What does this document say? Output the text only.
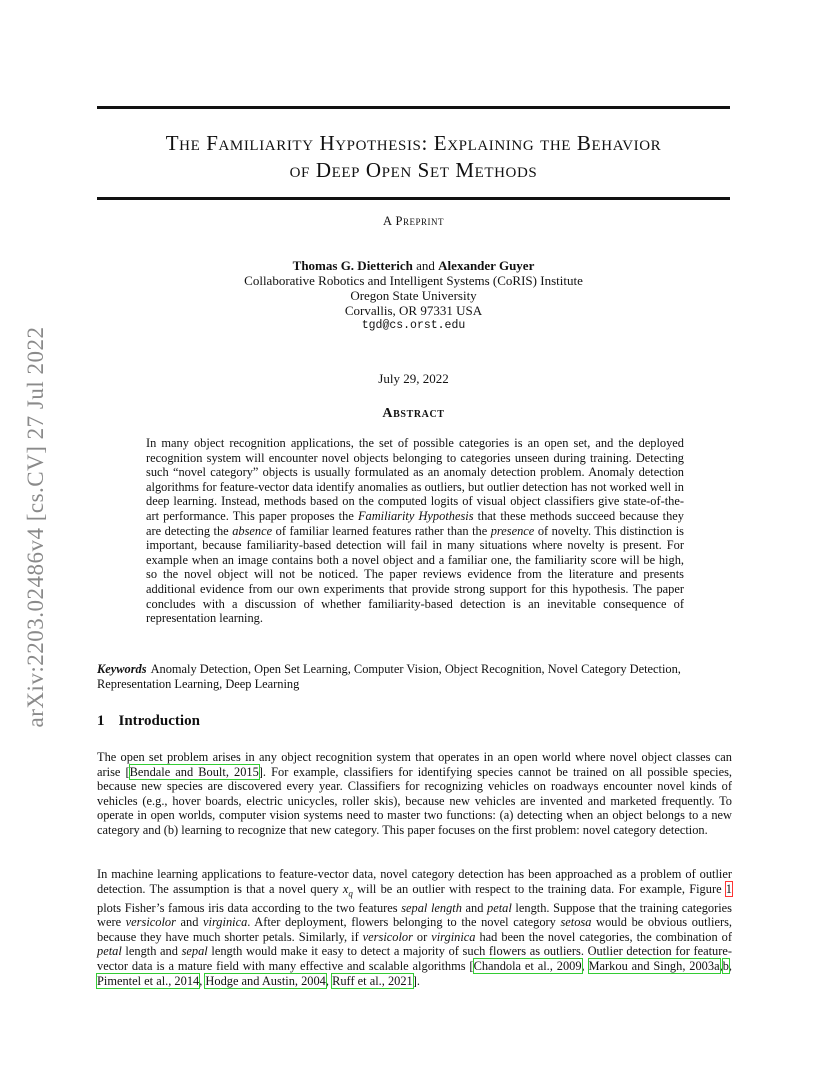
arXiv:2203.02486v4 [cs.CV] 27 Jul 2022
The Familiarity Hypothesis: Explaining the Behavior
of Deep Open Set Methods
A Preprint
Thomas G. Dietterich and Alexander Guyer
Collaborative Robotics and Intelligent Systems (CoRIS) Institute
Oregon State University
Corvallis, OR 97331 USA
tgd@cs.orst.edu
July 29, 2022
Abstract
In many object recognition applications, the set of possible categories is an open set, and the deployed recognition system will encounter novel objects belonging to categories unseen during training. Detecting such “novel category” objects is usually formulated as an anomaly detection problem. Anomaly detection algorithms for feature-vector data identify anomalies as outliers, but outlier detection has not worked well in deep learning. Instead, methods based on the computed logits of visual object classifiers give state-of-the-art performance. This paper proposes the Familiarity Hypothesis that these methods succeed because they are detecting the absence of familiar learned features rather than the presence of novelty. This distinction is important, because familiarity-based detection will fail in many situations where novelty is present. For example when an image contains both a novel object and a familiar one, the familiarity score will be high, so the novel object will not be noticed. The paper reviews evidence from the literature and presents additional evidence from our own experiments that provide strong support for this hypothesis. The paper concludes with a discussion of whether familiarity-based detection is an inevitable consequence of representation learning.
Keywords Anomaly Detection, Open Set Learning, Computer Vision, Object Recognition, Novel Category Detection, Representation Learning, Deep Learning
1 Introduction
The open set problem arises in any object recognition system that operates in an open world where novel object classes can arise [Bendale and Boult, 2015]. For example, classifiers for identifying species cannot be trained on all possible species, because new species are discovered every year. Classifiers for recognizing vehicles on roadways encounter novel kinds of vehicles (e.g., hover boards, electric unicycles, roller skis), because new vehicles are invented and marketed frequently. To operate in open worlds, computer vision systems need to master two functions: (a) detecting when an object belongs to a new category and (b) learning to recognize that new category. This paper focuses on the first problem: novel category detection.
In machine learning applications to feature-vector data, novel category detection has been approached as a problem of outlier detection. The assumption is that a novel query $x_q$ will be an outlier with respect to the training data. For example, Figure 1 plots Fisher’s famous iris data according to the two features sepal length and petal length. Suppose that the training categories were versicolor and virginica. After deployment, flowers belonging to the novel category setosa would be obvious outliers, because they have much shorter petals. Similarly, if versicolor or virginica had been the novel categories, the combination of petal length and sepal length would make it easy to detect a majority of such flowers as outliers. Outlier detection for feature-vector data is a mature field with many effective and scalable algorithms [Chandola et al., 2009, Markou and Singh, 2003a,b, Pimentel et al., 2014, Hodge and Austin, 2004, Ruff et al., 2021].
